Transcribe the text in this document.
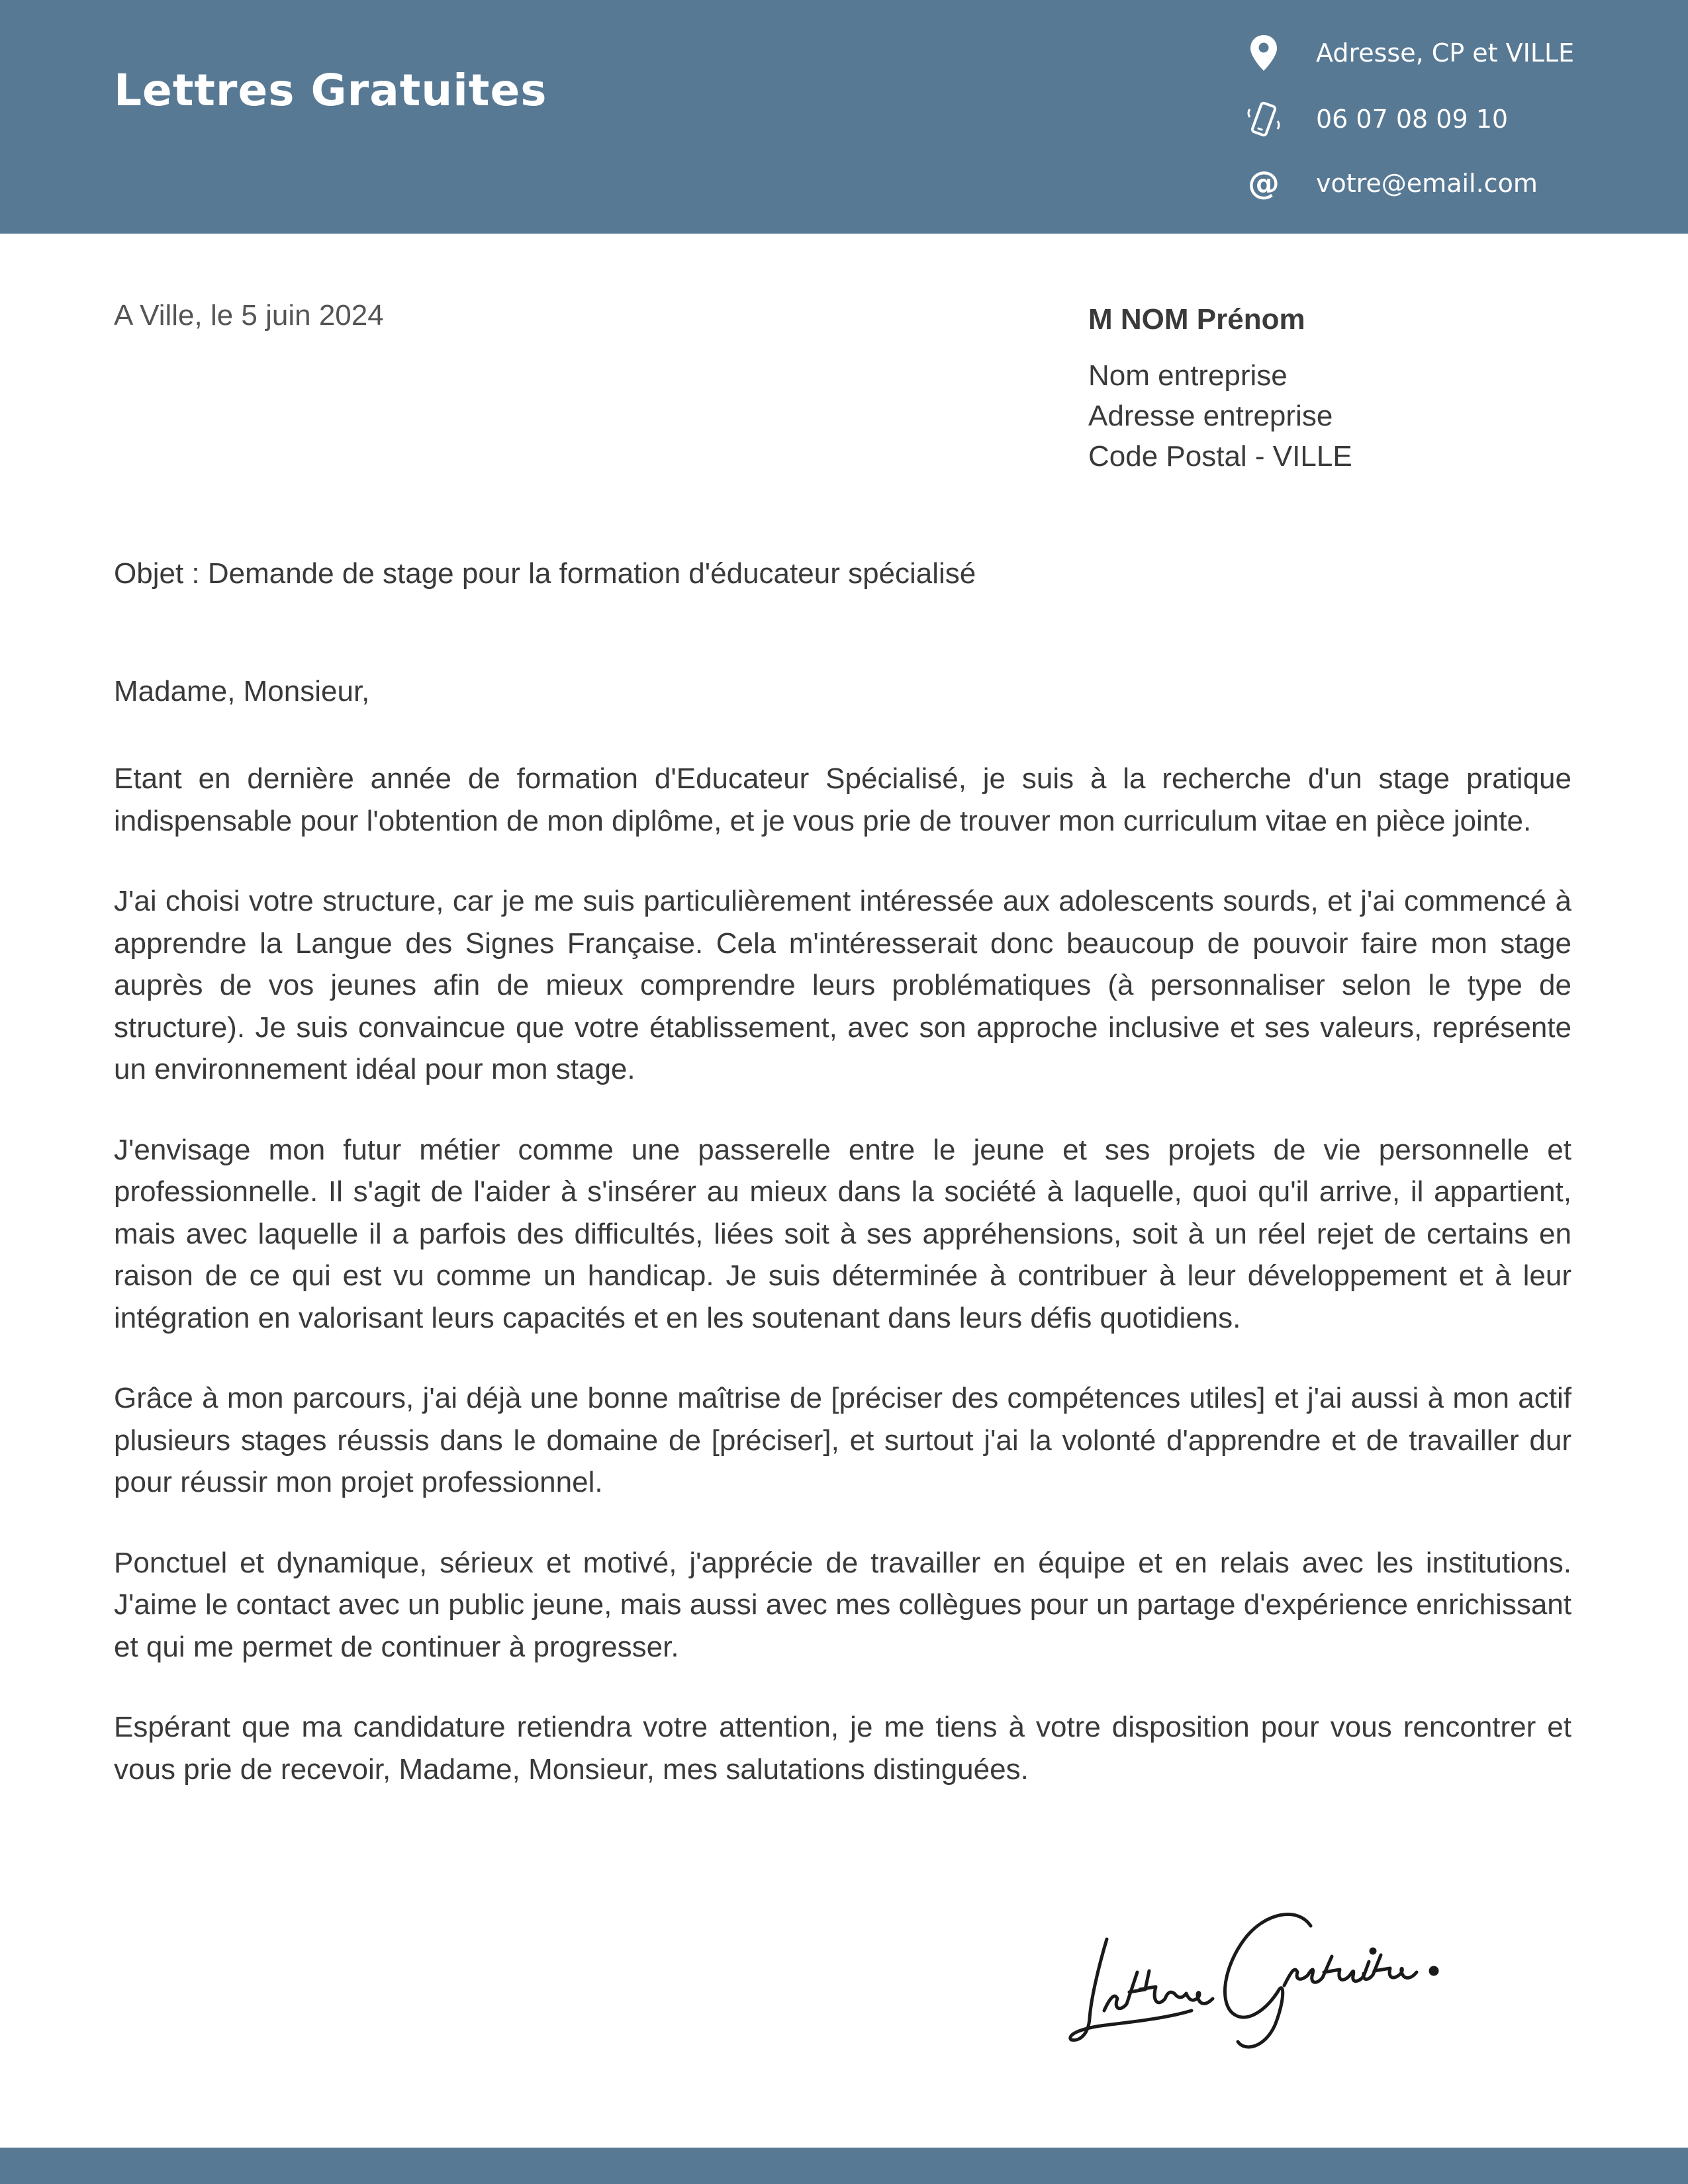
Lettres Gratuites
Adresse, CP et VILLE
06 07 08 09 10
@ votre@email.com
A Ville, le 5 juin 2024	M NOM Prénom
Nom entreprise
Adresse entreprise
Code Postal - VILLE
Objet : Demande de stage pour la formation d'éducateur spécialisé
Madame, Monsieur,

Etant en dernière année de formation d'Educateur Spécialisé, je suis à la recherche d'un stage pratique indispensable pour l'obtention de mon diplôme, et je vous prie de trouver mon curriculum vitae en pièce jointe.

J'ai choisi votre structure, car je me suis particulièrement intéressée aux adolescents sourds, et j'ai commencé à apprendre la Langue des Signes Française. Cela m'intéresserait donc beaucoup de pouvoir faire mon stage auprès de vos jeunes afin de mieux comprendre leurs problématiques (à personnaliser selon le type de structure). Je suis convaincue que votre établissement, avec son approche inclusive et ses valeurs, représente un environnement idéal pour mon stage.

J'envisage mon futur métier comme une passerelle entre le jeune et ses projets de vie personnelle et professionnelle. Il s'agit de l'aider à s'insérer au mieux dans la société à laquelle, quoi qu'il arrive, il appartient, mais avec laquelle il a parfois des difficultés, liées soit à ses appréhensions, soit à un réel rejet de certains en raison de ce qui est vu comme un handicap. Je suis déterminée à contribuer à leur développement et à leur intégration en valorisant leurs capacités et en les soutenant dans leurs défis quotidiens.

Grâce à mon parcours, j'ai déjà une bonne maîtrise de [préciser des compétences utiles] et j'ai aussi à mon actif plusieurs stages réussis dans le domaine de [préciser], et surtout j'ai la volonté d'apprendre et de travailler dur pour réussir mon projet professionnel.

Ponctuel et dynamique, sérieux et motivé, j'apprécie de travailler en équipe et en relais avec les institutions. J'aime le contact avec un public jeune, mais aussi avec mes collègues pour un partage d'expérience enrichissant et qui me permet de continuer à progresser.

Espérant que ma candidature retiendra votre attention, je me tiens à votre disposition pour vous rencontrer et vous prie de recevoir, Madame, Monsieur, mes salutations distinguées.
